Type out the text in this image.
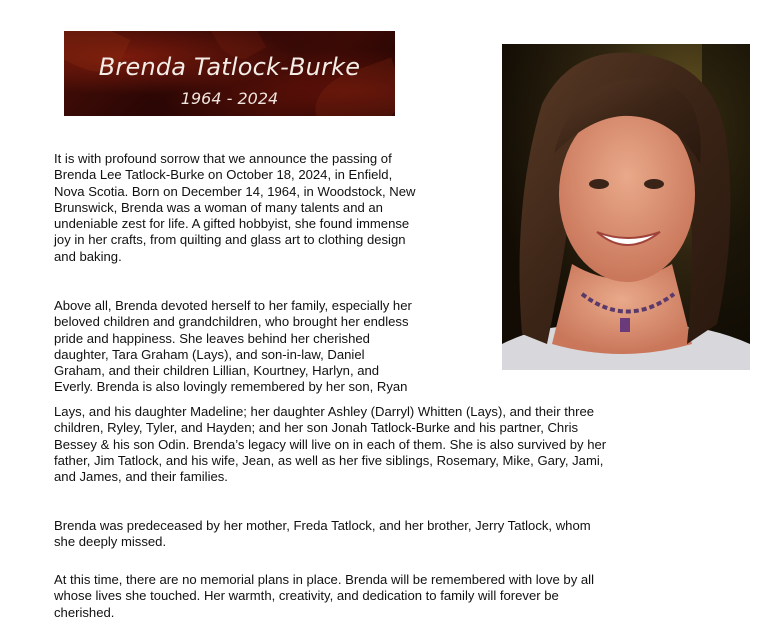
Brenda Tatlock-Burke
1964 - 2024
It is with profound sorrow that we announce the passing of
Brenda Lee Tatlock-Burke on October 18, 2024, in Enfield,
Nova Scotia. Born on December 14, 1964, in Woodstock, New
Brunswick, Brenda was a woman of many talents and an
undeniable zest for life. A gifted hobbyist, she found immense
joy in her crafts, from quilting and glass art to clothing design
and baking.
Above all, Brenda devoted herself to her family, especially her
beloved children and grandchildren, who brought her endless
pride and happiness. She leaves behind her cherished
daughter, Tara Graham (Lays), and son-in-law, Daniel
Graham, and their children Lillian, Kourtney, Harlyn, and
Everly. Brenda is also lovingly remembered by her son, Ryan
Lays, and his daughter Madeline; her daughter Ashley (Darryl) Whitten (Lays), and their three
children, Ryley, Tyler, and Hayden; and her son Jonah Tatlock-Burke and his partner, Chris
Bessey & his son Odin. Brenda’s legacy will live on in each of them. She is also survived by her
father, Jim Tatlock, and his wife, Jean, as well as her five siblings, Rosemary, Mike, Gary, Jami,
and James, and their families.
Brenda was predeceased by her mother, Freda Tatlock, and her brother, Jerry Tatlock, whom
she deeply missed.
At this time, there are no memorial plans in place. Brenda will be remembered with love by all
whose lives she touched. Her warmth, creativity, and dedication to family will forever be
cherished.
